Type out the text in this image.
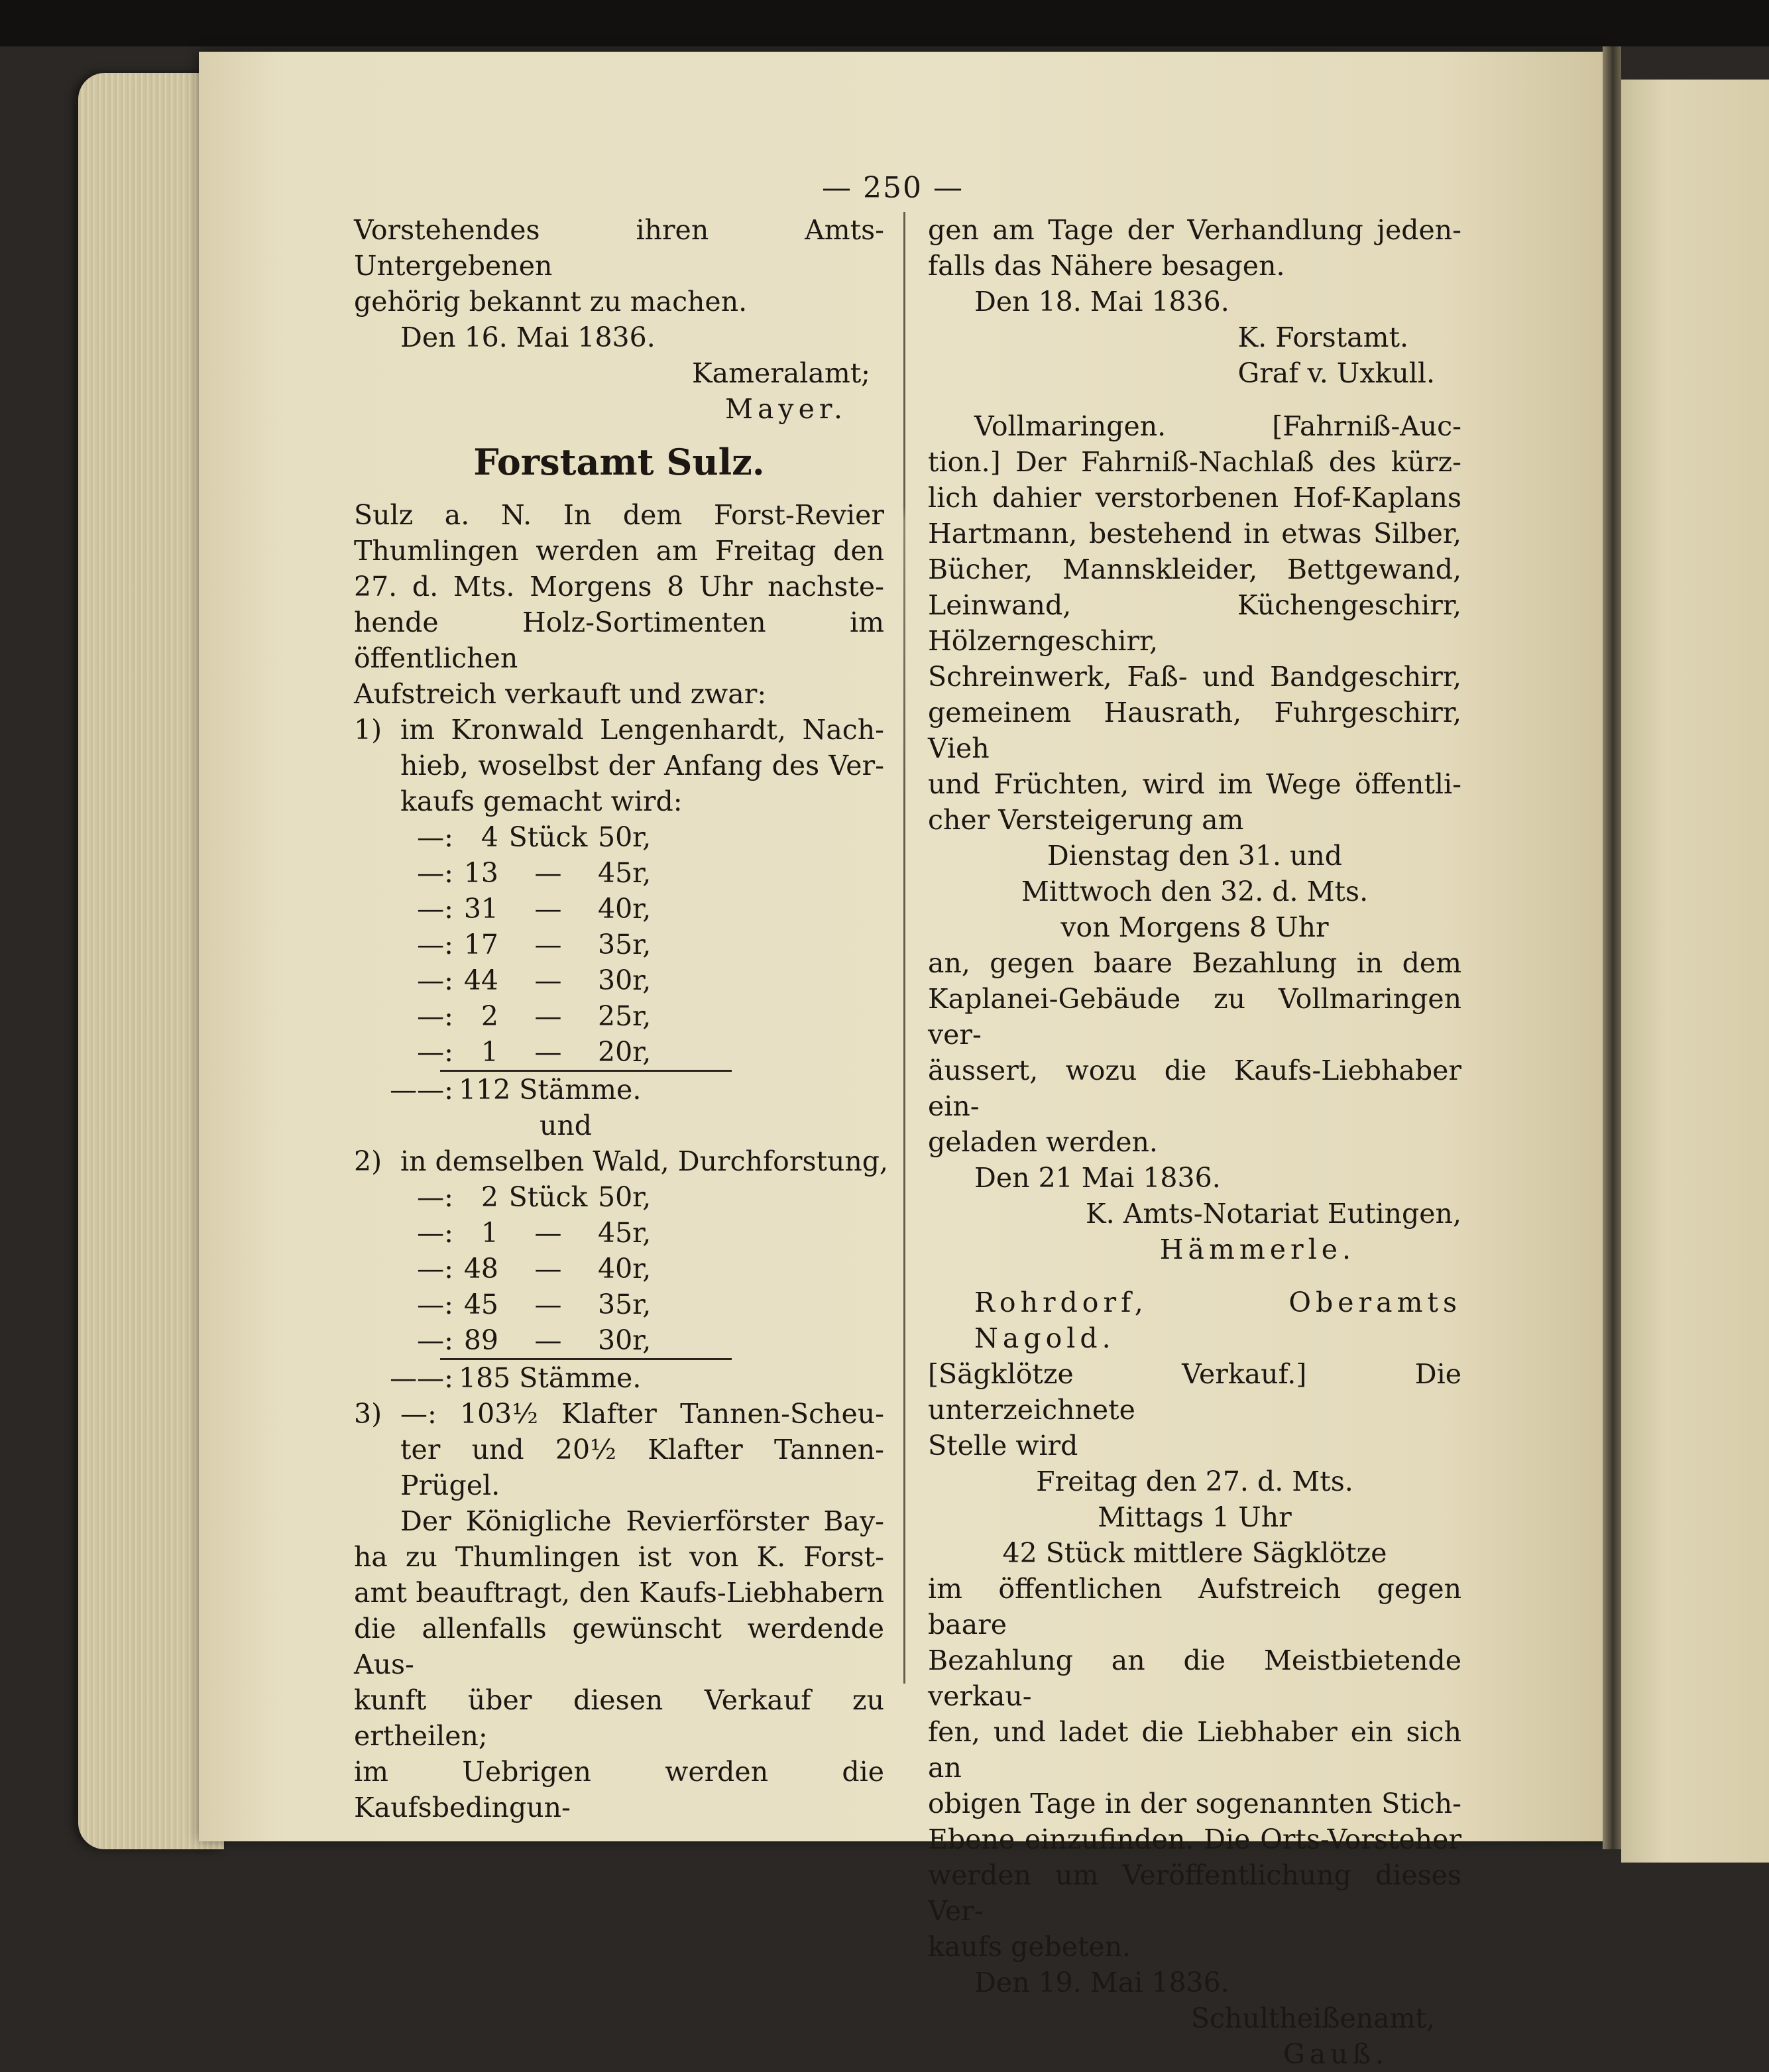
— 250 —
Vorstehendes ihren Amts-Untergebenen
gehörig bekannt zu machen.
Den 16. Mai 1836.
Kameralamt;
Mayer.
Forstamt Sulz.
Sulz a. N. In dem Forst-Revier
Thumlingen werden am Freitag den
27. d. Mts. Morgens 8 Uhr nachste-
hende Holz-Sortimenten im öffentlichen
Aufstreich verkauft und zwar:
1) im Kronwald Lengenhardt, Nach-
hieb, woselbst der Anfang des Ver-
kaufs gemacht wird:
—:	4 Stück 50r,
—: 13	—	45r,
—: 31	—	40r,
—: 17	—	35r,
—: 44	—	30r,
—:	2	—	25r,
—:	1	—	20r,
——: 112 Stämme.
und
2) in demselben Wald, Durchforstung,
—:	2 Stück 50r,
—:	1	—	45r,
—: 48	—	40r,
—: 45	—	35r,
—: 89	—	30r,
——: 185 Stämme.
3) —: 103½ Klafter Tannen-Scheu-
ter und 20½ Klafter Tannen-
Prügel.
Der Königliche Revierförster Bay-
ha zu Thumlingen ist von K. Forst-
amt beauftragt, den Kaufs-Liebhabern
die allenfalls gewünscht werdende Aus-
kunft über diesen Verkauf zu ertheilen;
im Uebrigen werden die Kaufsbedingun-
gen am Tage der Verhandlung jeden-
falls das Nähere besagen.
Den 18. Mai 1836.
K. Forstamt.
Graf v. Uxkull.
Vollmaringen. [Fahrniß-Auc-
tion.] Der Fahrniß-Nachlaß des kürz-
lich dahier verstorbenen Hof-Kaplans
Hartmann, bestehend in etwas Silber,
Bücher, Mannskleider, Bettgewand,
Leinwand, Küchengeschirr, Hölzerngeschirr,
Schreinwerk, Faß- und Bandgeschirr,
gemeinem Hausrath, Fuhrgeschirr, Vieh
und Früchten, wird im Wege öffentli-
cher Versteigerung am
Dienstag den 31. und
Mittwoch den 32. d. Mts.
von Morgens 8 Uhr
an, gegen baare Bezahlung in dem
Kaplanei-Gebäude zu Vollmaringen ver-
äussert, wozu die Kaufs-Liebhaber ein-
geladen werden.
Den 21 Mai 1836.
K. Amts-Notariat Eutingen,
Hämmerle.
Rohrdorf, Oberamts Nagold.
[Sägklötze Verkauf.] Die unterzeichnete
Stelle wird
Freitag den 27. d. Mts.
Mittags 1 Uhr
42 Stück mittlere Sägklötze
im öffentlichen Aufstreich gegen baare
Bezahlung an die Meistbietende verkau-
fen, und ladet die Liebhaber ein sich an
obigen Tage in der sogenannten Stich-
Ebene einzufinden. Die Orts-Vorsteher
werden um Veröffentlichung dieses Ver-
kaufs gebeten.
Den 19. Mai 1836.
Schultheißenamt,
Gauß.
